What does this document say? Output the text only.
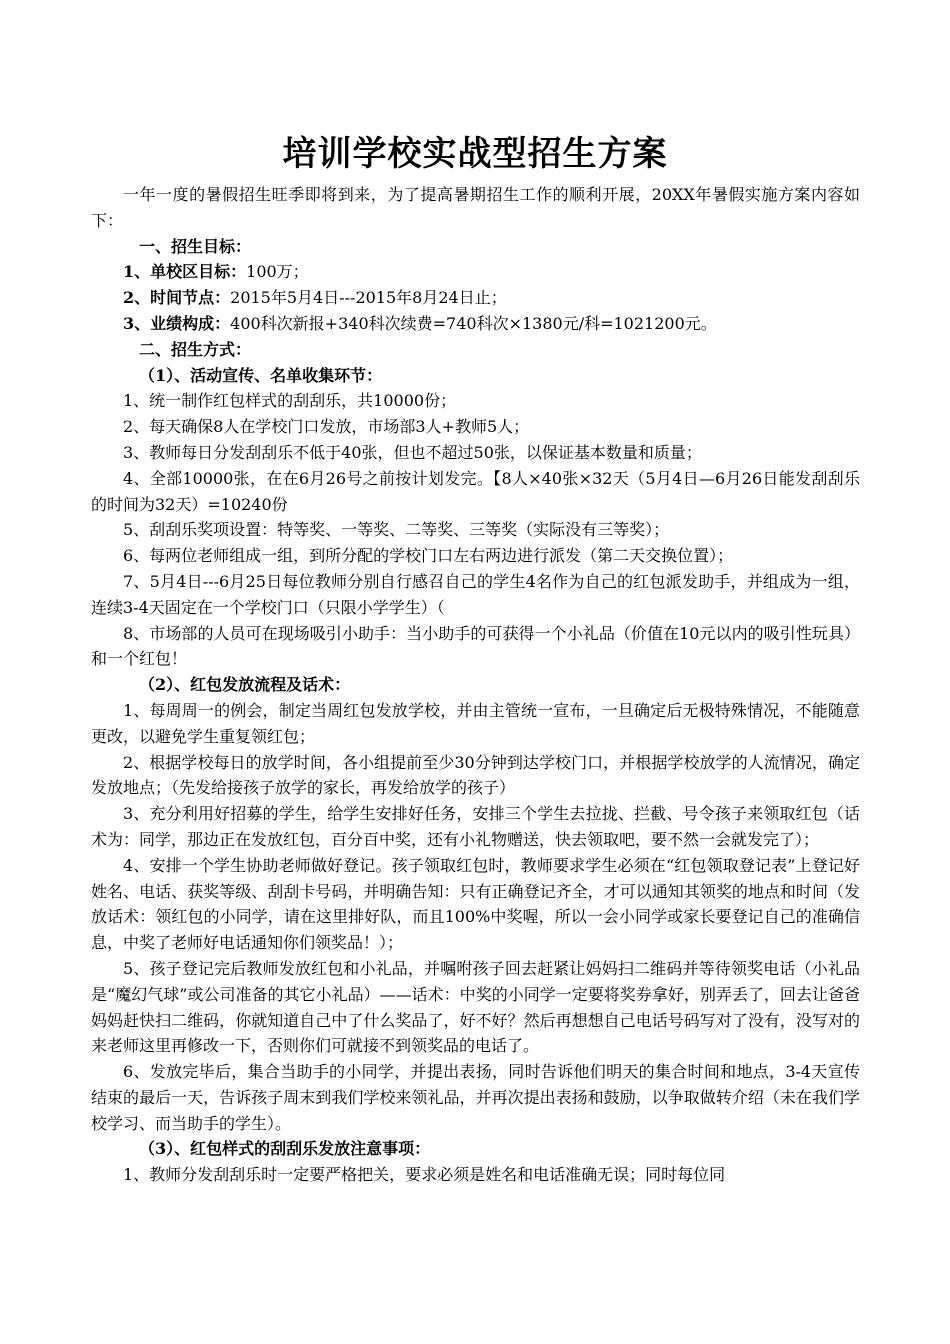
培训学校实战型招生方案

一年一度的暑假招生旺季即将到来，为了提高暑期招生工作的顺利开展，20XX年暑假实施方案内容如下：

一、招生目标：

1、单校区目标：100万；

2、时间节点：2015年5月4日---2015年8月24日止；

3、业绩构成：400科次新报+340科次续费=740科次×1380元/科=1021200元。

二、招生方式：

（1）、活动宣传、名单收集环节：

1、统一制作红包样式的刮刮乐，共10000份；

2、每天确保8人在学校门口发放，市场部3人+教师5人；

3、教师每日分发刮刮乐不低于40张，但也不超过50张，以保证基本数量和质量；

4、全部10000张，在在6月26号之前按计划发完。【8人×40张×32天（5月4日—6月26日能发刮刮乐的时间为32天）=10240份

5、刮刮乐奖项设置：特等奖、一等奖、二等奖、三等奖（实际没有三等奖）；

6、每两位老师组成一组，到所分配的学校门口左右两边进行派发（第二天交换位置）；

7、5月4日---6月25日每位教师分别自行感召自己的学生4名作为自己的红包派发助手，并组成为一组，连续3-4天固定在一个学校门口（只限小学学生）（

8、市场部的人员可在现场吸引小助手：当小助手的可获得一个小礼品（价值在10元以内的吸引性玩具）和一个红包！

（2）、红包发放流程及话术：

1、每周周一的例会，制定当周红包发放学校，并由主管统一宣布，一旦确定后无极特殊情况，不能随意更改，以避免学生重复领红包；

2、根据学校每日的放学时间，各小组提前至少30分钟到达学校门口，并根据学校放学的人流情况，确定发放地点；（先发给接孩子放学的家长，再发给放学的孩子）

3、充分利用好招募的学生，给学生安排好任务，安排三个学生去拉拢、拦截、号令孩子来领取红包（话术为：同学，那边正在发放红包，百分百中奖，还有小礼物赠送，快去领取吧，要不然一会就发完了）；

4、安排一个学生协助老师做好登记。孩子领取红包时，教师要求学生必须在“红包领取登记表”上登记好姓名、电话、获奖等级、刮刮卡号码，并明确告知：只有正确登记齐全，才可以通知其领奖的地点和时间（发放话术：领红包的小同学，请在这里排好队，而且100%中奖喔，所以一会小同学或家长要登记自己的准确信息，中奖了老师好电话通知你们领奖品！）；

5、孩子登记完后教师发放红包和小礼品，并嘱咐孩子回去赶紧让妈妈扫二维码并等待领奖电话（小礼品是“魔幻气球”或公司准备的其它小礼品）——话术：中奖的小同学一定要将奖券拿好，别弄丢了，回去让爸爸妈妈赶快扫二维码，你就知道自己中了什么奖品了，好不好？然后再想想自己电话号码写对了没有，没写对的来老师这里再修改一下，否则你们可就接不到领奖品的电话了。

6、发放完毕后，集合当助手的小同学，并提出表扬，同时告诉他们明天的集合时间和地点，3-4天宣传结束的最后一天，告诉孩子周末到我们学校来领礼品，并再次提出表扬和鼓励，以争取做转介绍（未在我们学校学习、而当助手的学生）。

（3）、红包样式的刮刮乐发放注意事项：

1、教师分发刮刮乐时一定要严格把关，要求必须是姓名和电话准确无误；同时每位同
